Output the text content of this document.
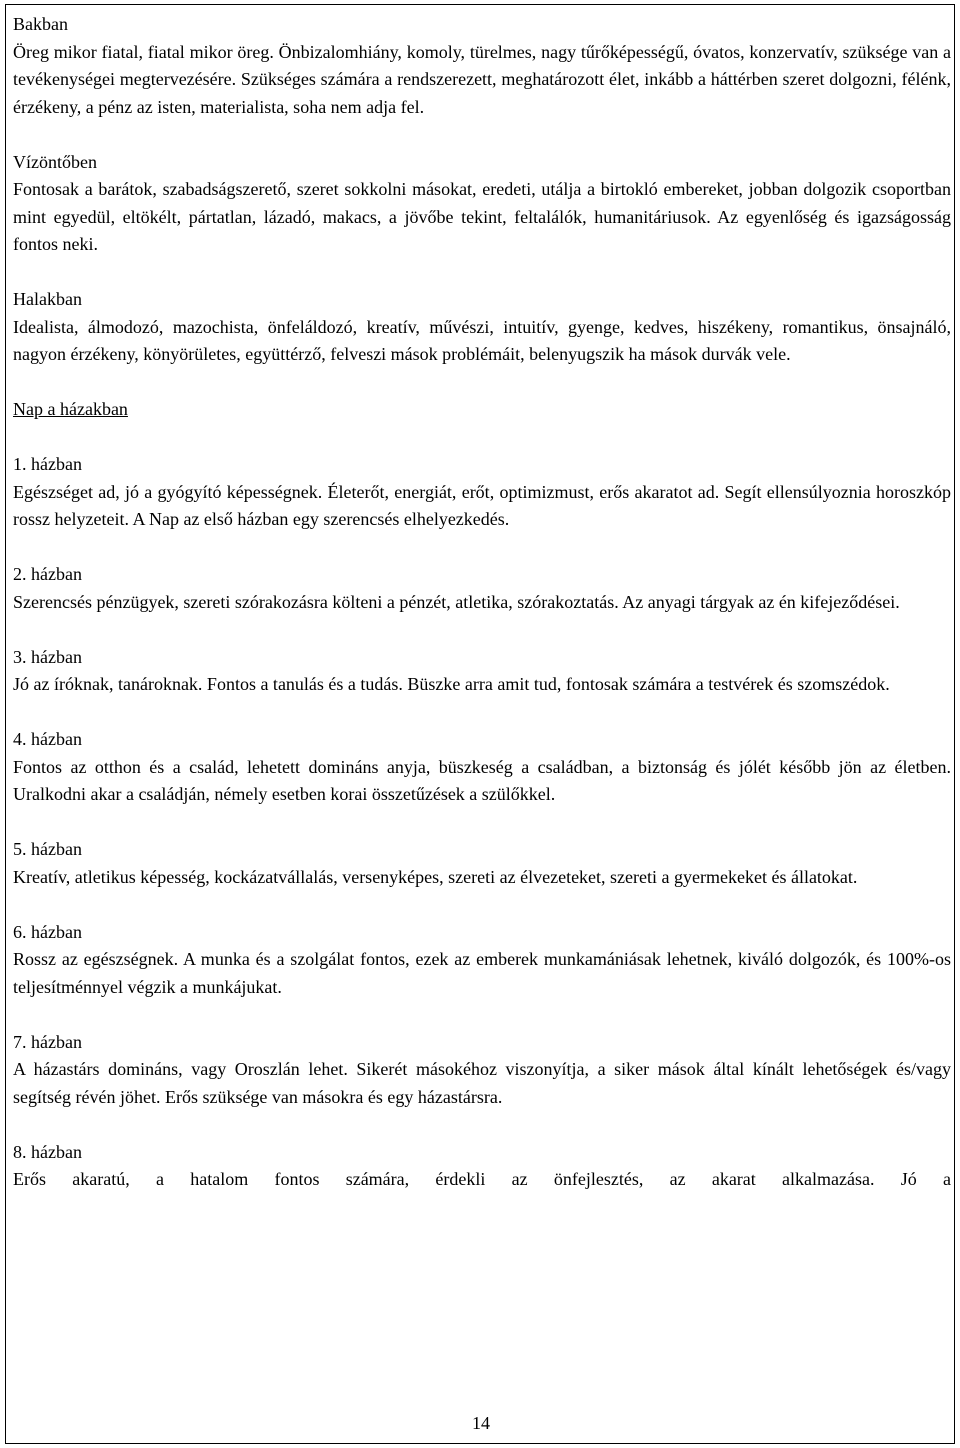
Bakban
Öreg mikor fiatal, fiatal mikor öreg. Önbizalomhiány, komoly, türelmes, nagy tűrőképességű, óvatos, konzervatív, szüksége van a tevékenységei megtervezésére. Szükséges számára a rendszerezett, meghatározott élet, inkább a háttérben szeret dolgozni, félénk, érzékeny, a pénz az isten, materialista, soha nem adja fel.
Vízöntőben
Fontosak a barátok, szabadságszerető, szeret sokkolni másokat, eredeti, utálja a birtokló embereket, jobban dolgozik csoportban mint egyedül, eltökélt, pártatlan, lázadó, makacs, a jövőbe tekint, feltalálók, humanitáriusok. Az egyenlőség és igazságosság fontos neki.
Halakban
Idealista, álmodozó, mazochista, önfeláldozó, kreatív, művészi, intuitív, gyenge, kedves, hiszékeny, romantikus, önsajnáló, nagyon érzékeny, könyörületes, együttérző, felveszi mások problémáit, belenyugszik ha mások durvák vele.
Nap a házakban
1. házban
Egészséget ad, jó a gyógyító képességnek. Életerőt, energiát, erőt, optimizmust, erős akaratot ad. Segít ellensúlyoznia horoszkóp rossz helyzeteit. A Nap az első házban egy szerencsés elhelyezkedés.
2. házban
Szerencsés pénzügyek, szereti szórakozásra költeni a pénzét, atletika, szórakoztatás. Az anyagi tárgyak az én kifejeződései.
3. házban
Jó az íróknak, tanároknak. Fontos a tanulás és a tudás. Büszke arra amit tud, fontosak számára a testvérek és szomszédok.
4. házban
Fontos az otthon és a család, lehetett domináns anyja, büszkeség a családban, a biztonság és jólét később jön az életben. Uralkodni akar a családján, némely esetben korai összetűzések a szülőkkel.
5. házban
Kreatív, atletikus képesség, kockázatvállalás, versenyképes, szereti az élvezeteket, szereti a gyermekeket és állatokat.
6. házban
Rossz az egészségnek. A munka és a szolgálat fontos, ezek az emberek munkamániásak lehetnek, kiváló dolgozók, és 100%-os teljesítménnyel végzik a munkájukat.
7. házban
A házastárs domináns, vagy Oroszlán lehet. Sikerét másokéhoz viszonyítja, a siker mások által kínált lehetőségek és/vagy segítség révén jöhet. Erős szüksége van másokra és egy házastársra.
8. házban
Erős akaratú, a hatalom fontos számára, érdekli az önfejlesztés, az akarat alkalmazása. Jó a
14
